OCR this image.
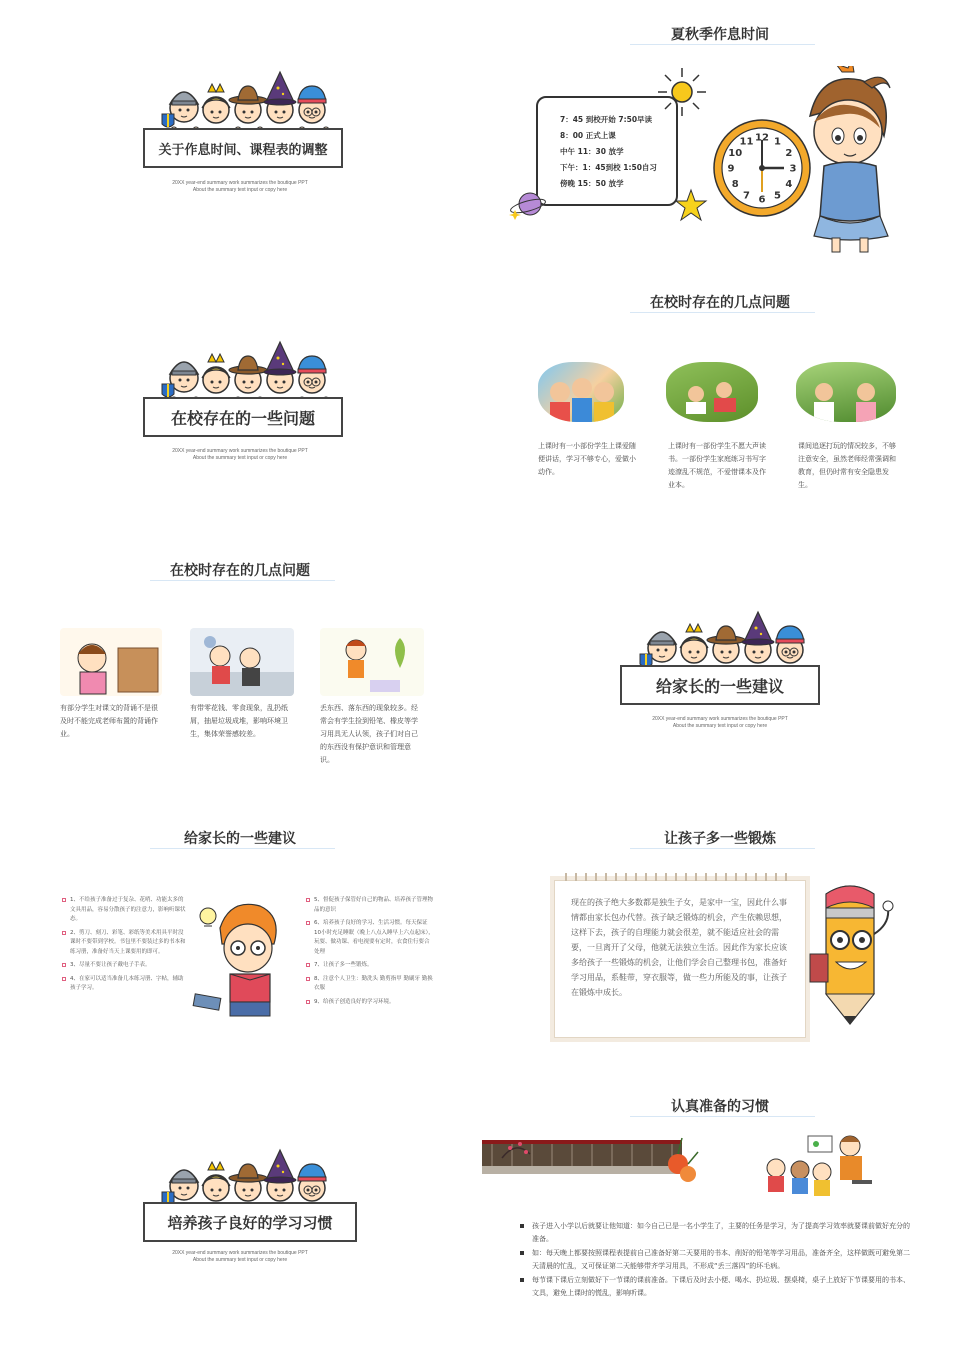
关于作息时间、课程表的调整
20XX year-end summary work summarizes the boutique PPT
About the summary text input or copy here
夏秋季作息时间
7：45 到校开始 7:50早读
8：00 正式上课
中午 11：30 放学
下午：1：45到校 1:50自习
傍晚 15：50 放学
12 1
2
3
4
5
6
7
8
9
10
11
在校存在的一些问题
20XX year-end summary work summarizes the boutique PPT
About the summary text input or copy here
在校时存在的几点问题
上课时有一小部份学生上课爱随便讲话，学习不够专心，爱做小动作。
上课时有一部份学生不愿大声读书。一部份学生家庭练习书写字迹潦乱不规范，不爱惜课本及作业本。
课间追逐打玩的情况较多，不够注意安全，虽然老师经常强调和教育，但仍时常有安全隐患发生。
在校时存在的几点问题
有部分学生对课文的背诵不是很及时不能完成老师布置的背诵作业。
有带零花钱、零食现象，乱扔纸屑，抽屉垃圾成堆，影响环境卫生，集体荣誉感较差。
丢东西、落东西的现象较多。经常会有学生捡到铅笔、橡皮等学习用具无人认领，孩子们对自己的东西没有保护意识和管理意识。
给家长的一些建议
20XX year-end summary work summarizes the boutique PPT
About the summary text input or copy here
给家长的一些建议
1、不给孩子准备过于复杂、花哨、功能太多的文具用品，容易分散孩子的注意力，影响听课状态。
2、剪刀、刻刀、彩笔、彩纸等美术用具平时没课时不要带到学校。书包里不要装过多的书本和练习册，准备好当天上课要用的即可。
3、尽量不要让孩子戴电子手表。
4、在家可以适当准备几本练习册、字帖，辅助孩子学习。
5、督促孩子保管好自己的物品、培养孩子管理物品的意识
6、培养孩子良好的学习、生活习惯。每天保证10小时充足睡眠（晚上八点入睡早上六点起床），玩耍、做功课、看电视要有定时，衣食住行要合处理
7、让孩子多一些锻炼。
8、注意个人卫生：勤洗头 勤剪指甲 勤刷牙 勤换衣服
9、给孩子创造良好的学习环境。
让孩子多一些锻炼

现在的孩子绝大多数都是独生子女，是家中一宝，因此什么事情都由家长包办代替。孩子缺乏锻炼的机会，产生依赖思想，这样下去，孩子的自理能力就会很差，就不能适应社会的需要，一旦离开了父母，他就无法独立生活。因此作为家长应该多给孩子一些锻炼的机会，让他们学会自己整理书包，准备好学习用品，系鞋带，穿衣服等，做一些力所能及的事，让孩子在锻炼中成长。

培养孩子良好的学习习惯
20XX year-end summary work summarizes the boutique PPT
About the summary text input or copy here
认真准备的习惯
孩子进入小学以后就要让他知道：如今自己已是一名小学生了，主要的任务是学习，为了提高学习效率就要课前做好充分的准备。
如：每天晚上都要按照课程表提前自己准备好第二天要用的书本、削好的铅笔等学习用品，准备齐全，这样做既可避免第二天清晨的忙乱，又可保证第二天能够带齐学习用具，不形成“丢三落四”的坏毛病。
每节课下课后立刻做好下一节课的课前准备。下课后及时去小便、喝水、扔垃圾、摆桌椅，桌子上放好下节课要用的书本、文具，避免上课时的慌乱，影响听课。
